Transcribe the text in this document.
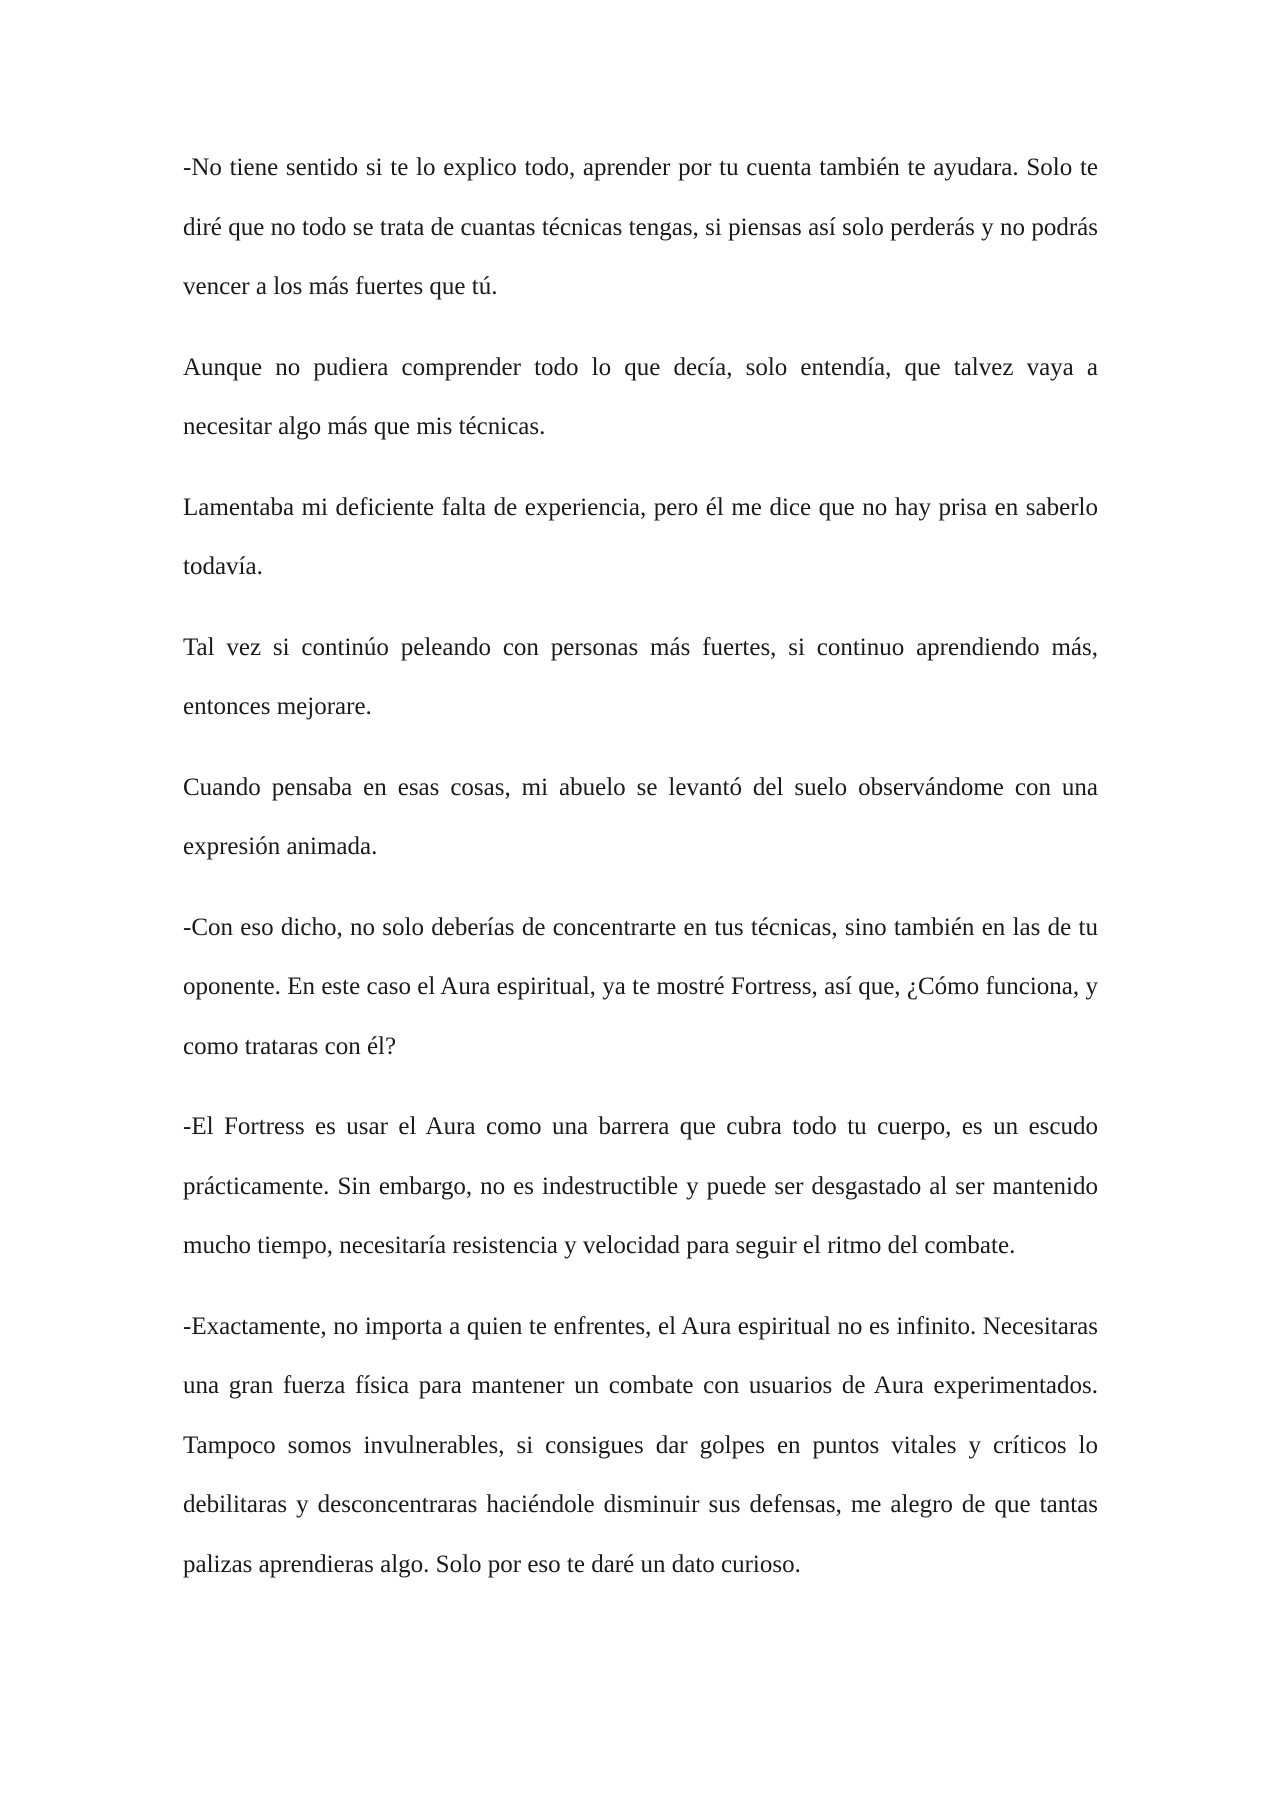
-No tiene sentido si te lo explico todo, aprender por tu cuenta también te ayudara. Solo te diré que no todo se trata de cuantas técnicas tengas, si piensas así solo perderás y no podrás vencer a los más fuertes que tú.

Aunque no pudiera comprender todo lo que decía, solo entendía, que talvez vaya a necesitar algo más que mis técnicas.

Lamentaba mi deficiente falta de experiencia, pero él me dice que no hay prisa en saberlo todavía.

Tal vez si continúo peleando con personas más fuertes, si continuo aprendiendo más, entonces mejorare.

Cuando pensaba en esas cosas, mi abuelo se levantó del suelo observándome con una expresión animada.

-Con eso dicho, no solo deberías de concentrarte en tus técnicas, sino también en las de tu oponente. En este caso el Aura espiritual, ya te mostré Fortress, así que, ¿Cómo funciona, y como trataras con él?

-El Fortress es usar el Aura como una barrera que cubra todo tu cuerpo, es un escudo prácticamente. Sin embargo, no es indestructible y puede ser desgastado al ser mantenido mucho tiempo, necesitaría resistencia y velocidad para seguir el ritmo del combate.

-Exactamente, no importa a quien te enfrentes, el Aura espiritual no es infinito. Necesitaras una gran fuerza física para mantener un combate con usuarios de Aura experimentados. Tampoco somos invulnerables, si consigues dar golpes en puntos vitales y críticos lo debilitaras y desconcentraras haciéndole disminuir sus defensas, me alegro de que tantas palizas aprendieras algo. Solo por eso te daré un dato curioso.
